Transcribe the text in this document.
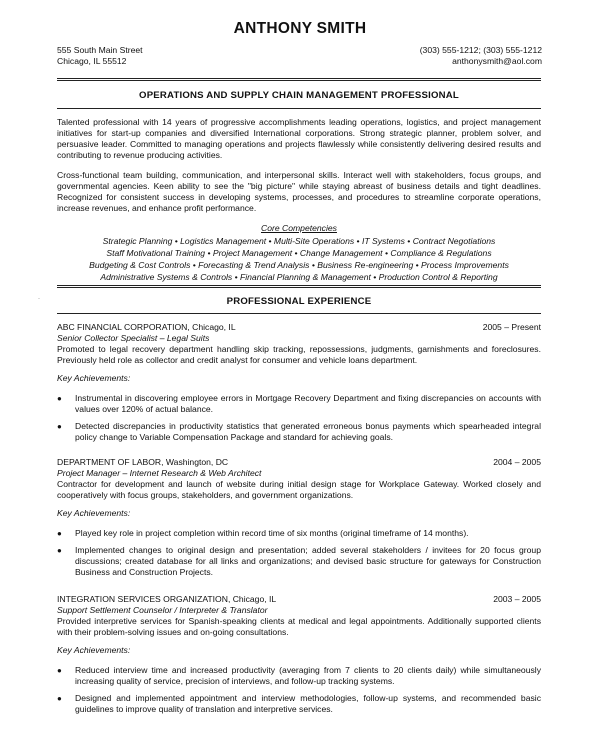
ANTHONY SMITH
555 South Main Street
Chicago, IL 55512
(303) 555-1212; (303) 555-1212
anthonysmith@aol.com
OPERATIONS AND SUPPLY CHAIN MANAGEMENT PROFESSIONAL

Talented professional with 14 years of progressive accomplishments leading operations, logistics, and project management initiatives for start-up companies and diversified International corporations. Strong strategic planner, problem solver, and persuasive leader. Committed to managing operations and projects flawlessly while consistently delivering desired results and contributing to revenue producing activities.

Cross-functional team building, communication, and interpersonal skills. Interact well with stakeholders, focus groups, and governmental agencies. Keen ability to see the "big picture" while staying abreast of business details and tight deadlines. Recognized for consistent success in developing systems, processes, and procedures to streamline corporate operations, increase revenues, and enhance profit performance.

Core Competencies
Strategic Planning • Logistics Management • Multi-Site Operations • IT Systems • Contract Negotiations
Staff Motivational Training • Project Management • Change Management • Compliance & Regulations
Budgeting & Cost Controls • Forecasting & Trend Analysis • Business Re-engineering • Process Improvements
Administrative Systems & Controls • Financial Planning & Management • Production Control & Reporting
·	PROFESSIONAL EXPERIENCE
ABC FINANCIAL CORPORATION, Chicago, IL	2005 – Present
Senior Collector Specialist – Legal Suits

Promoted to legal recovery department handling skip tracking, repossessions, judgments, garnishments and foreclosures. Previously held role as collector and credit analyst for consumer and vehicle loans department.

Key Achievements:
● Instrumental in discovering employee errors in Mortgage Recovery Department and fixing discrepancies on accounts with values over 120% of actual balance.
● Detected discrepancies in productivity statistics that generated erroneous bonus payments which spearheaded integral policy change to Variable Compensation Package and standard for achieving goals.
DEPARTMENT OF LABOR, Washington, DC	2004 – 2005
Project Manager – Internet Research & Web Architect

Contractor for development and launch of website during initial design stage for Workplace Gateway. Worked closely and cooperatively with focus groups, stakeholders, and government organizations.

Key Achievements:
● Played key role in project completion within record time of six months (original timeframe of 14 months).
● Implemented changes to original design and presentation; added several stakeholders / invitees for 20 focus group discussions; created database for all links and organizations; and devised basic structure for gateways for Construction Business and Construction Projects.
INTEGRATION SERVICES ORGANIZATION, Chicago, IL	2003 – 2005
Support Settlement Counselor / Interpreter & Translator

Provided interpretive services for Spanish-speaking clients at medical and legal appointments. Additionally supported clients with their problem-solving issues and on-going consultations.

Key Achievements:
● Reduced interview time and increased productivity (averaging from 7 clients to 20 clients daily) while simultaneously increasing quality of service, precision of interviews, and follow-up tracking systems.
● Designed and implemented appointment and interview methodologies, follow-up systems, and recommended basic guidelines to improve quality of translation and interpretive services.
